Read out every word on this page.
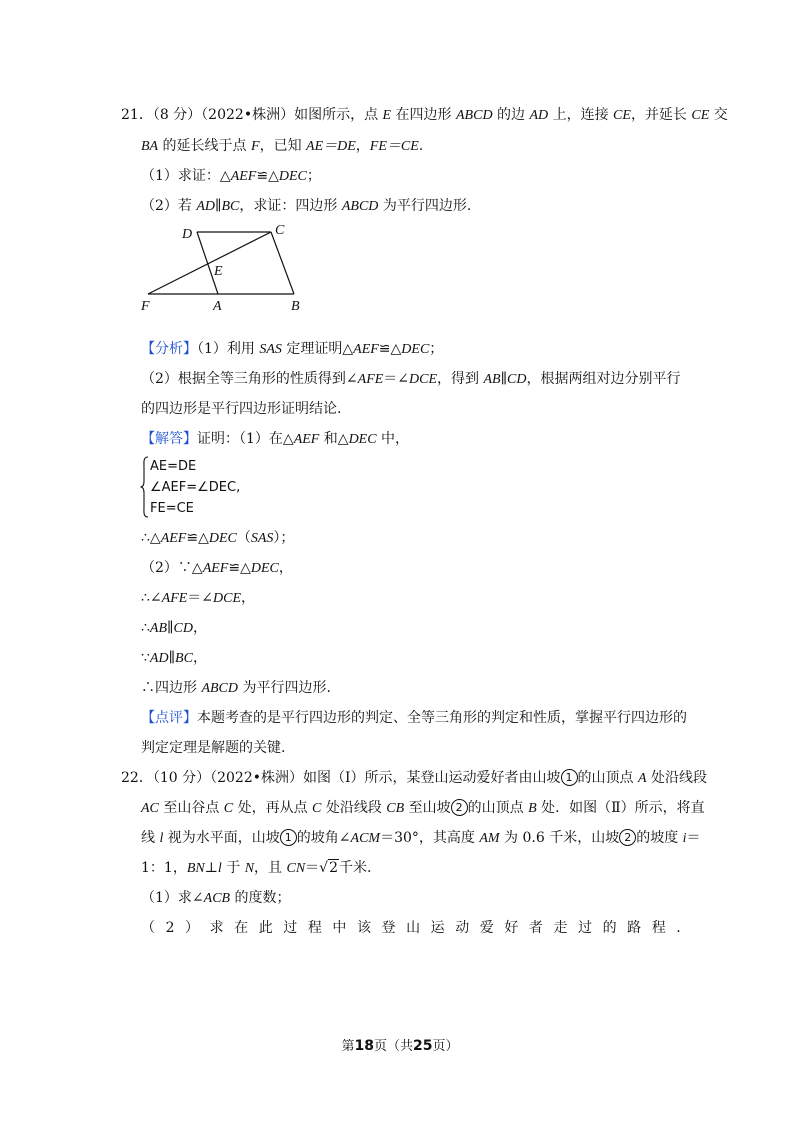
21．（8 分）（2022•株洲）如图所示，点 E 在四边形 ABCD 的边 AD 上，连接 CE，并延长 CE 交
BA 的延长线于点 F，已知 AE＝DE，FE＝CE.
（1）求证：△AEF≌△DEC；
（2）若 AD∥BC，求证：四边形 ABCD 为平行四边形.
D	C
E
F	A	B
【分析】（1）利用 SAS 定理证明△AEF≌△DEC；
（2）根据全等三角形的性质得到∠AFE＝∠DCE，得到 AB∥CD，根据两组对边分别平行
的四边形是平行四边形证明结论.
【解答】证明：（1）在△AEF 和△DEC 中，
AE=DE
∠AEF=∠DEC,
FE=CE
∴△AEF≌△DEC（SAS）；
（2）∵△AEF≌△DEC，
∴∠AFE＝∠DCE，
∴AB∥CD，
∵AD∥BC，
∴四边形 ABCD 为平行四边形.
【点评】本题考查的是平行四边形的判定、全等三角形的判定和性质，掌握平行四边形的
判定定理是解题的关键.
22．（10 分）（2022•株洲）如图（Ⅰ）所示，某登山运动爱好者由山坡 1 的山顶点 A 处沿线段
AC 至山谷点 C 处，再从点 C 处沿线段 CB 至山坡 2 的山顶点 B 处．如图（Ⅱ）所示，将直
线 l 视为水平面，山坡 1 的坡角∠ACM＝30°，其高度 AM 为 0.6 千米，山坡 2 的坡度 i＝
1：1，BN⊥l 于 N，且 CN＝√2千米.
（1）求∠ACB 的度数；
（ 2 ） 求 在 此 过 程 中 该 登 山 运 动 爱 好 者 走 过 的 路 程 .
第18页（共25页）
